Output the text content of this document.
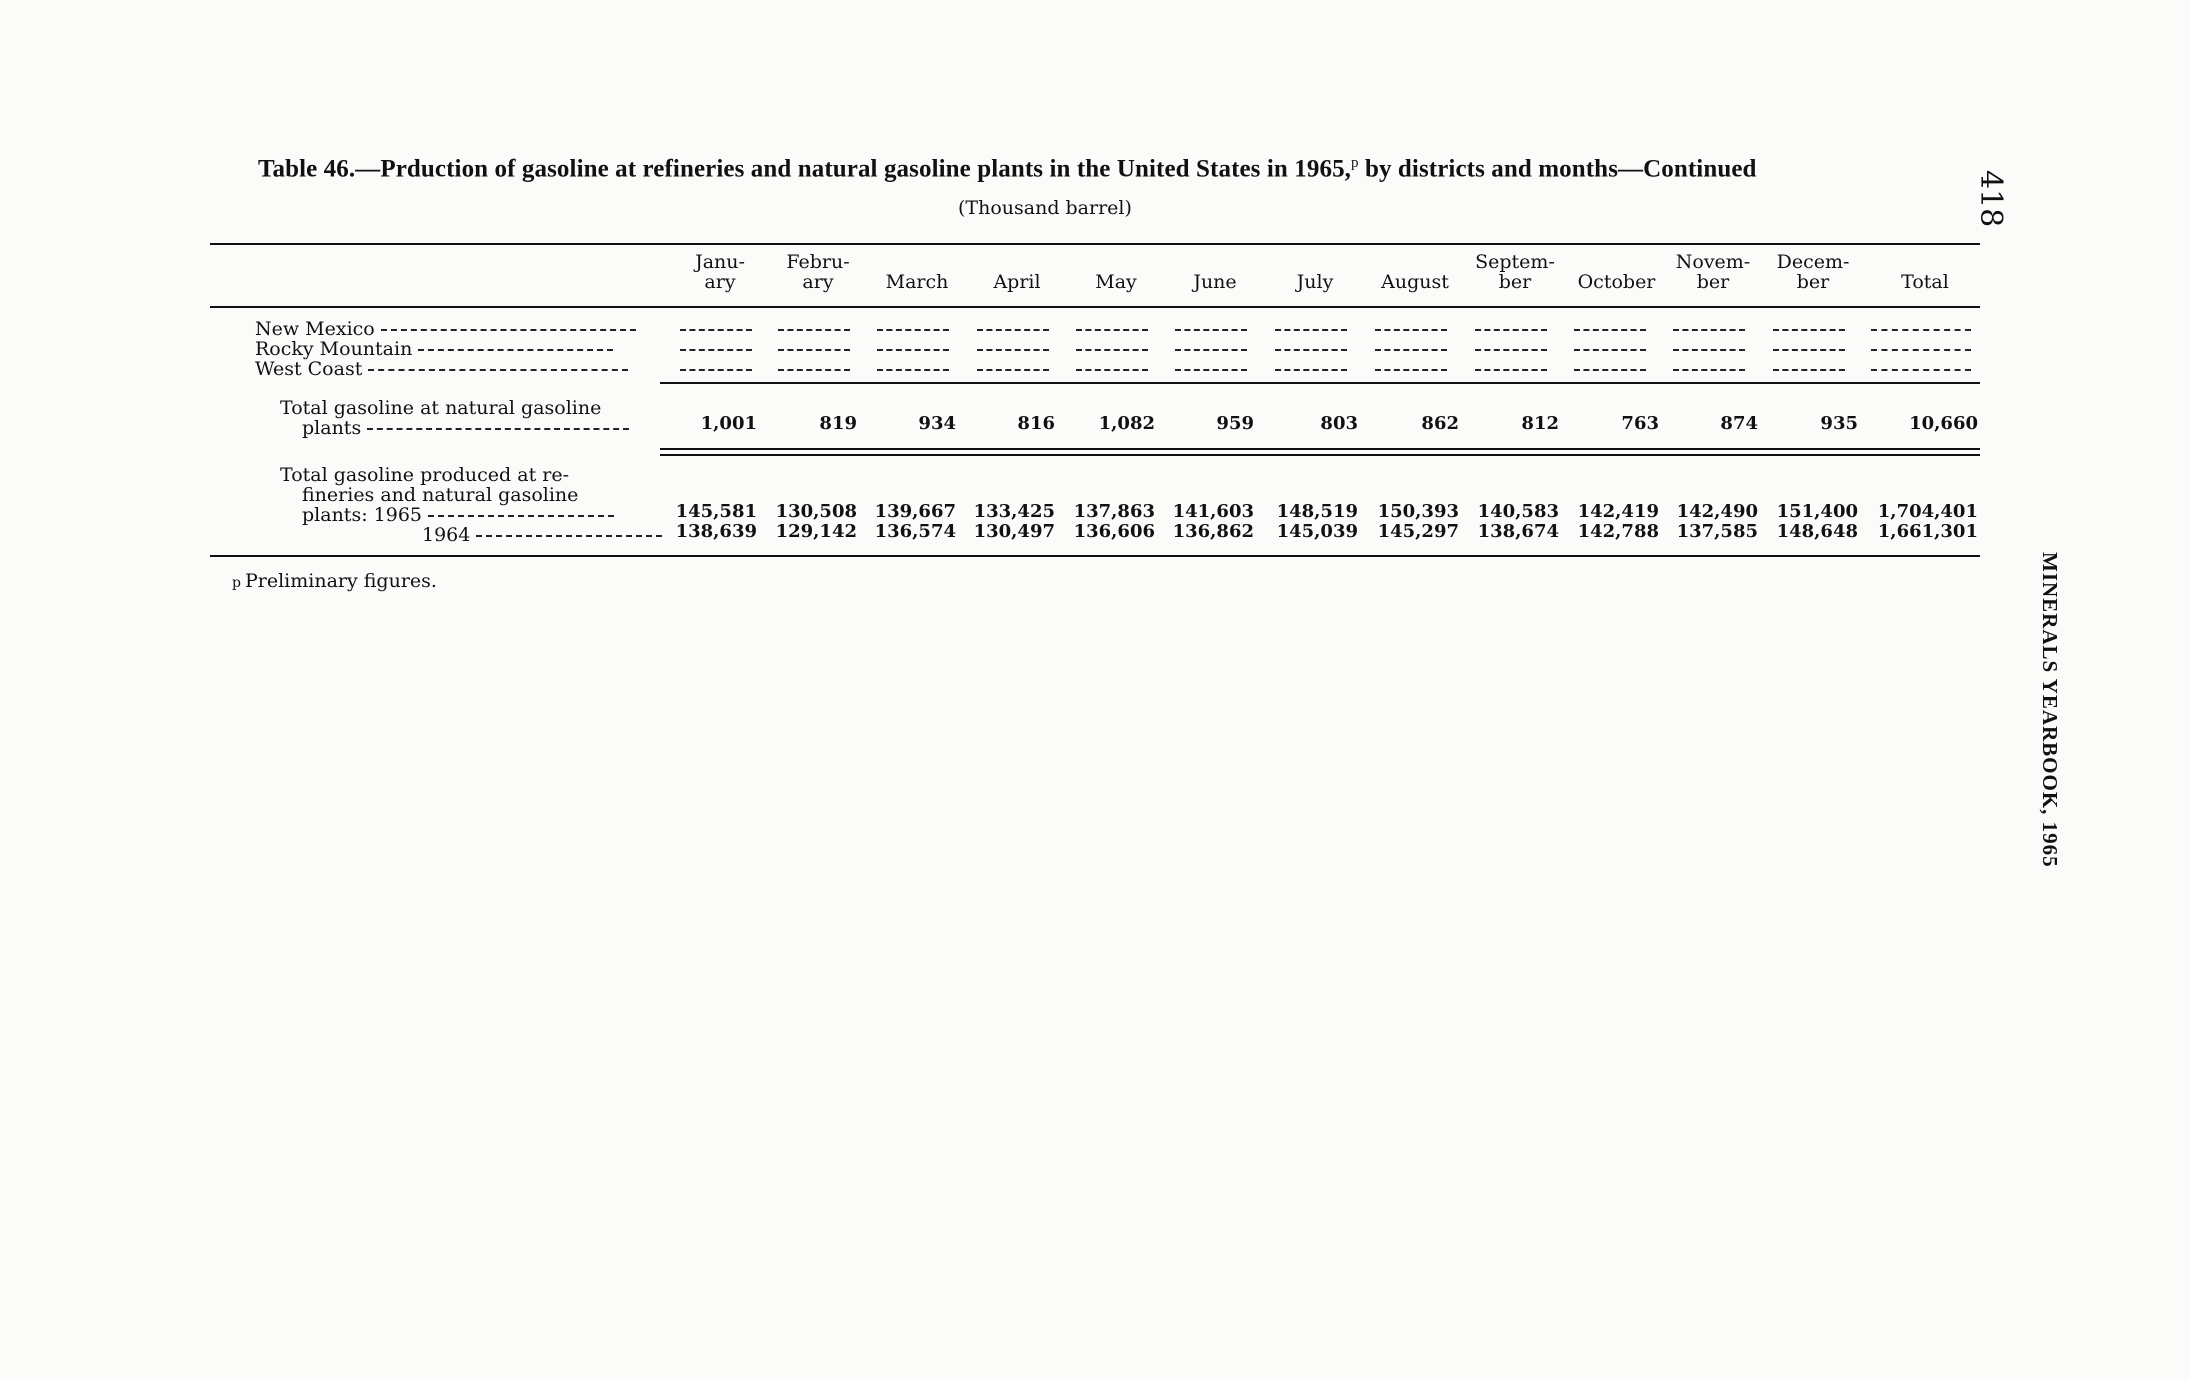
Table 46.—Prduction of gasoline at refineries and natural gasoline plants in the United States in 1965,$^p$ by districts and months—Continued
(Thousand barrel)
Janu-
ary
1,001
145,581
138,639
Febru-
ary
819
130,508
129,142
March
934
139,667
136,574
April
816
133,425
130,497
May
1,082
137,863
136,606
June
959
141,603
136,862
July
803
148,519
145,039
August
862
150,393
145,297
Septem-
ber
812
140,583
138,674
October
763
142,419
142,788
Novem-
ber
874
142,490
137,585
Decem-
ber
935
151,400
148,648
Total
10,660
1,704,401
1,661,301
New Mexico
Rocky Mountain
West Coast
Total gasoline at natural gasoline
plants
Total gasoline produced at re-
fineries and natural gasoline
plants: 1965
1964
p Preliminary figures.
418
MINERALS YEARBOOK, 1965
